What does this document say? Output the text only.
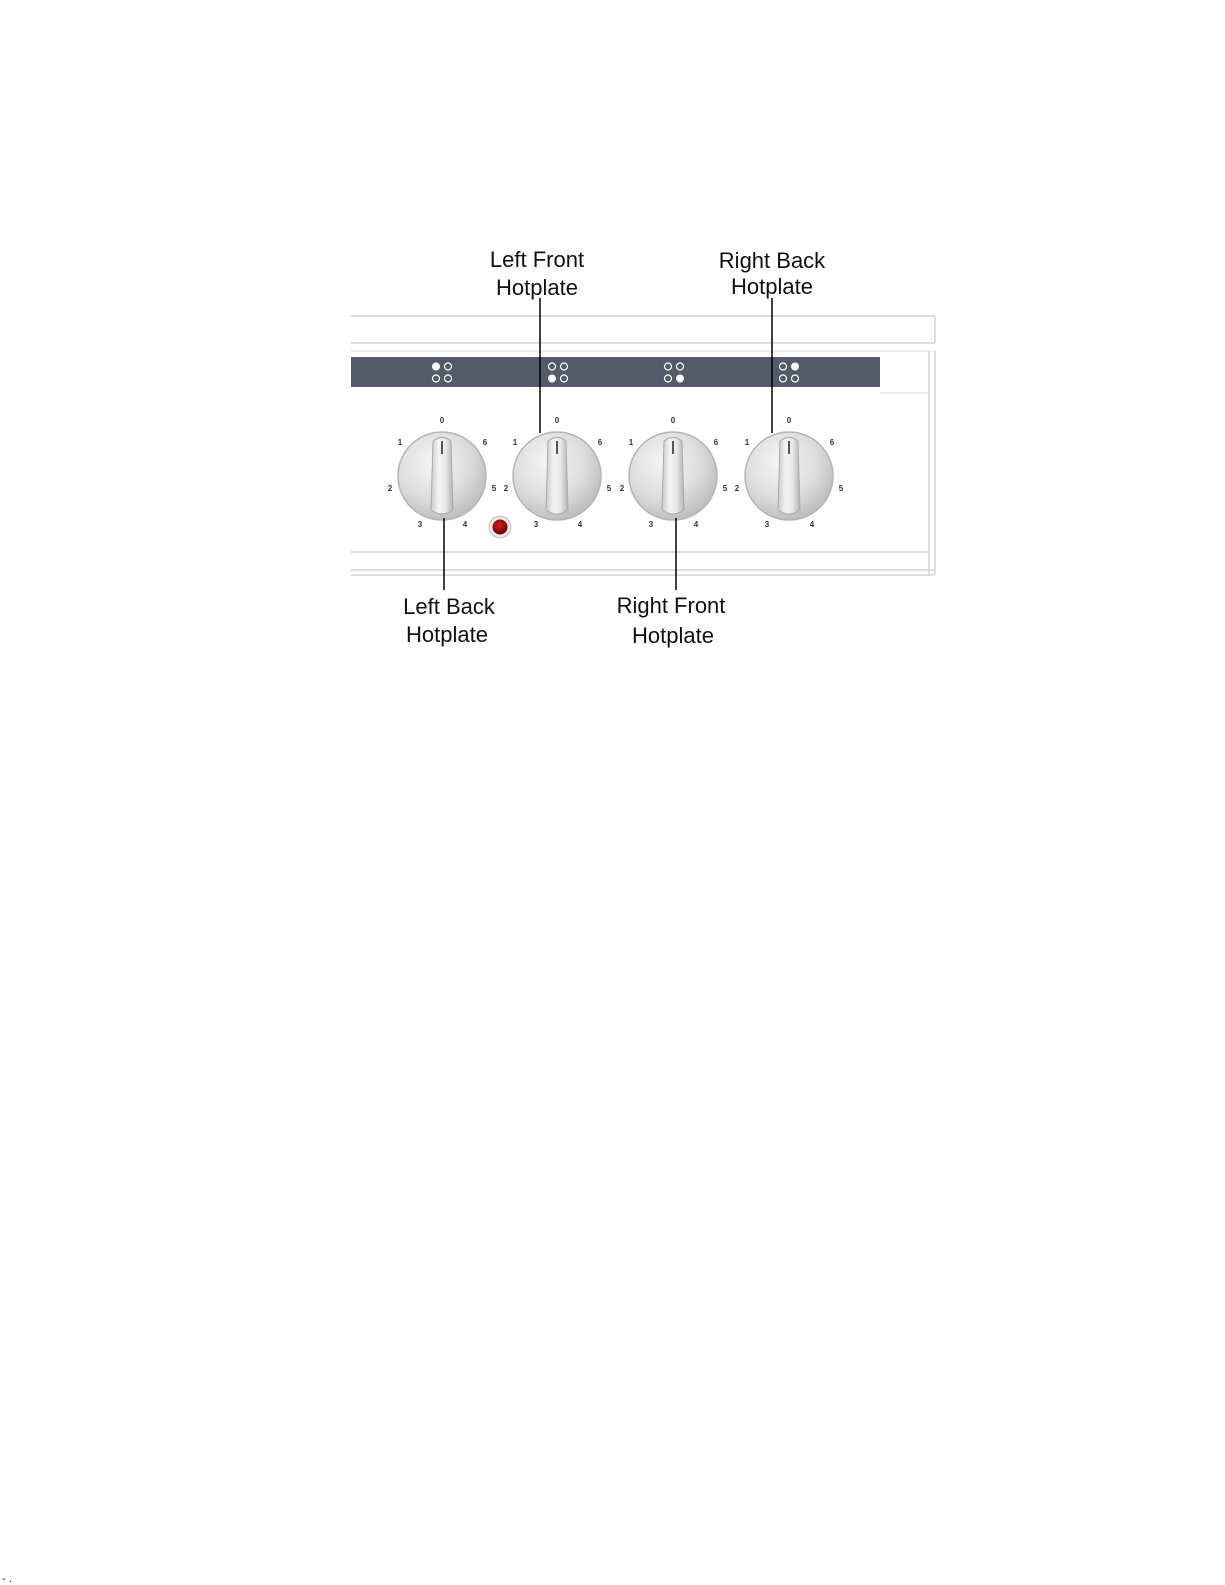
0
1
2
3	4
5
6
0
1
2
3	4
5
6
0
1
2
3	4
5
6
0
1
2
3	4
5
6
Left Front
Hotplate
Right Back
Hotplate
Left Back
Hotplate
Right Front
Hotplate
- .
